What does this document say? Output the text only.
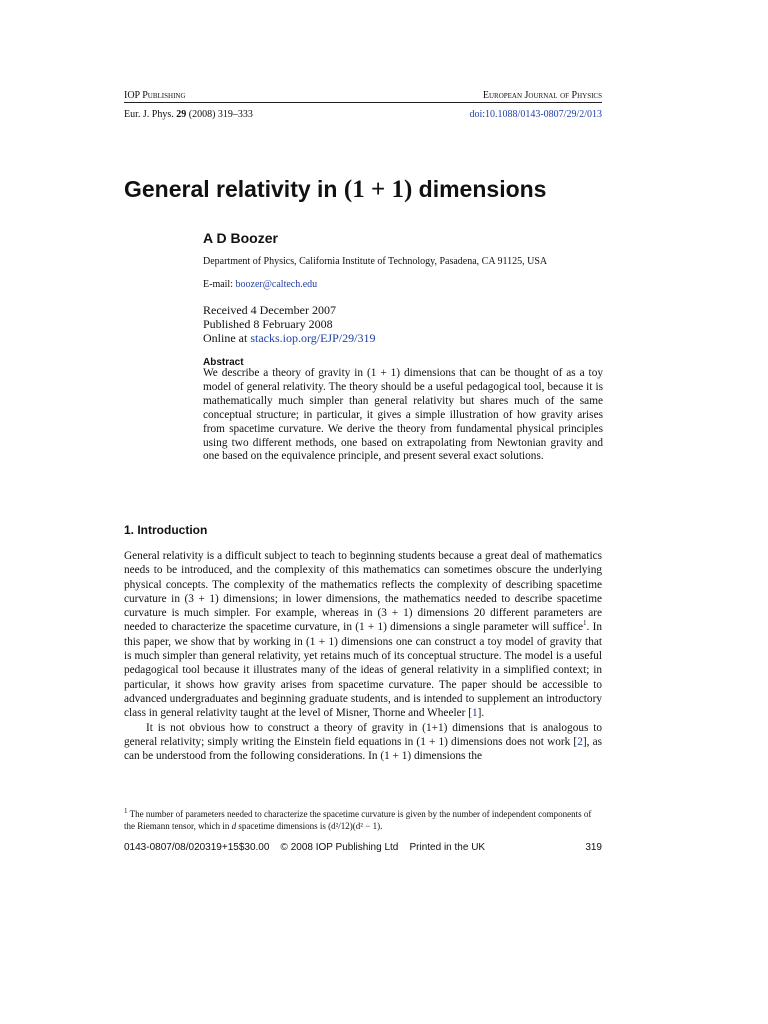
IOP Publishing	European Journal of Physics
Eur. J. Phys. 29 (2008) 319–333	doi:10.1088/0143-0807/29/2/013
General relativity in (1 + 1) dimensions
A D Boozer
Department of Physics, California Institute of Technology, Pasadena, CA 91125, USA
E-mail: boozer@caltech.edu
Received 4 December 2007
Published 8 February 2008
Online at stacks.iop.org/EJP/29/319
Abstract
We describe a theory of gravity in (1 + 1) dimensions that can be thought of as a toy model of general relativity. The theory should be a useful pedagogical tool, because it is mathematically much simpler than general relativity but shares much of the same conceptual structure; in particular, it gives a simple illustration of how gravity arises from spacetime curvature. We derive the theory from fundamental physical principles using two different methods, one based on extrapolating from Newtonian gravity and one based on the equivalence principle, and present several exact solutions.
1. Introduction

General relativity is a difficult subject to teach to beginning students because a great deal of mathematics needs to be introduced, and the complexity of this mathematics can sometimes obscure the underlying physical concepts. The complexity of the mathematics reflects the complexity of describing spacetime curvature in (3 + 1) dimensions; in lower dimensions, the mathematics needed to describe spacetime curvature is much simpler. For example, whereas in (3 + 1) dimensions 20 different parameters are needed to characterize the spacetime curvature, in (1 + 1) dimensions a single parameter will suffice$^1$. In this paper, we show that by working in (1 + 1) dimensions one can construct a toy model of gravity that is much simpler than general relativity, yet retains much of its conceptual structure. The model is a useful pedagogical tool because it illustrates many of the ideas of general relativity in a simplified context; in particular, it shows how gravity arises from spacetime curvature. The paper should be accessible to advanced undergraduates and beginning graduate students, and is intended to supplement an introductory class in general relativity taught at the level of Misner, Thorne and Wheeler [1].

It is not obvious how to construct a theory of gravity in (1+1) dimensions that is analogous to general relativity; simply writing the Einstein field equations in (1 + 1) dimensions does not work [2], as can be understood from the following considerations. In (1 + 1) dimensions the

$^1$ The number of parameters needed to characterize the spacetime curvature is given by the number of independent components of the Riemann tensor, which in d spacetime dimensions is (d²/12)(d² − 1).
0143-0807/08/020319+15$30.00 © 2008 IOP Publishing Ltd Printed in the UK	319
